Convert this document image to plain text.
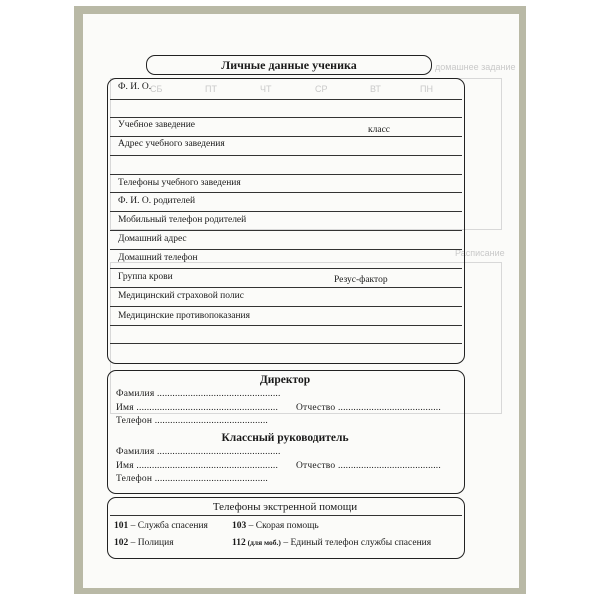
ПН
ВТ
СР
ЧТ
ПТ
СБ
домашнее задание
Расписание
Личные данные ученика
Ф. И. О.
Учебное заведение	класс
Адрес учебного заведения
Телефоны учебного заведения
Ф. И. О. родителей
Мобильный телефон родителей
Домашний адрес
Домашний телефон
Группа крови	Резус-фактор
Медицинский страховой полис
Медицинские противопоказания
Директор
Фамилия ................................................
Имя ....................................................... Отчество ........................................
Телефон ............................................
Классный руководитель
Фамилия ................................................
Имя ....................................................... Отчество ........................................
Телефон ............................................
Телефоны экстренной помощи
101 – Служба спасения	103 – Скорая помощь
102 – Полиция	112 (для моб.) – Единый телефон службы спасения
